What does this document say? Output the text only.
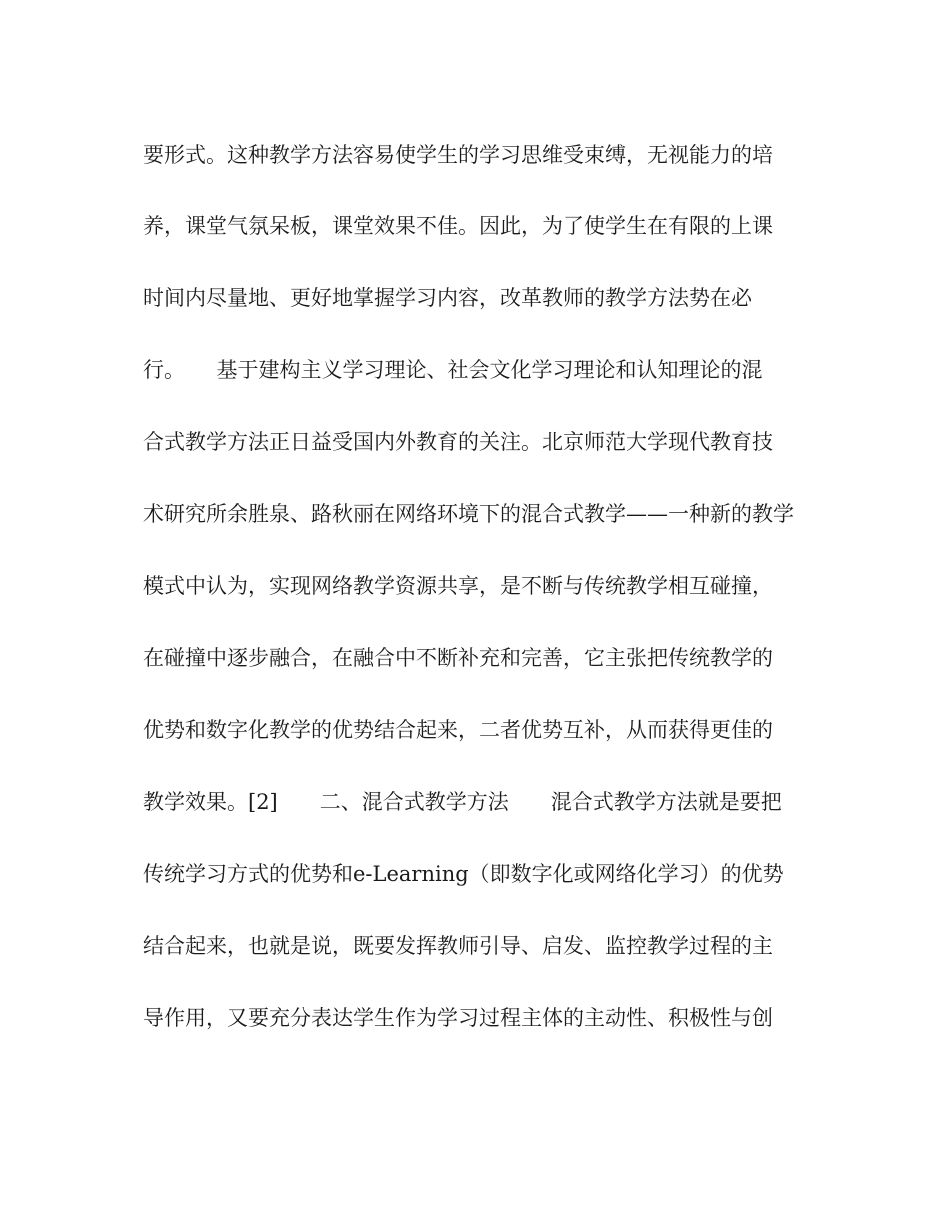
要形式。这种教学方法容易使学生的学习思维受束缚，无视能力的培
养，课堂气氛呆板，课堂效果不佳。因此，为了使学生在有限的上课
时间内尽量地、更好地掌握学习内容，改革教师的教学方法势在必
行。　　基于建构主义学习理论、社会文化学习理论和认知理论的混
合式教学方法正日益受国内外教育的关注。北京师范大学现代教育技
术研究所余胜泉、路秋丽在网络环境下的混合式教学——一种新的教学
模式中认为，实现网络教学资源共享，是不断与传统教学相互碰撞，
在碰撞中逐步融合，在融合中不断补充和完善，它主张把传统教学的
优势和数字化教学的优势结合起来，二者优势互补，从而获得更佳的
教学效果。[2]　　二、混合式教学方法　　混合式教学方法就是要把
传统学习方式的优势和e-Learning（即数字化或网络化学习）的优势
结合起来，也就是说，既要发挥教师引导、启发、监控教学过程的主
导作用，又要充分表达学生作为学习过程主体的主动性、积极性与创
